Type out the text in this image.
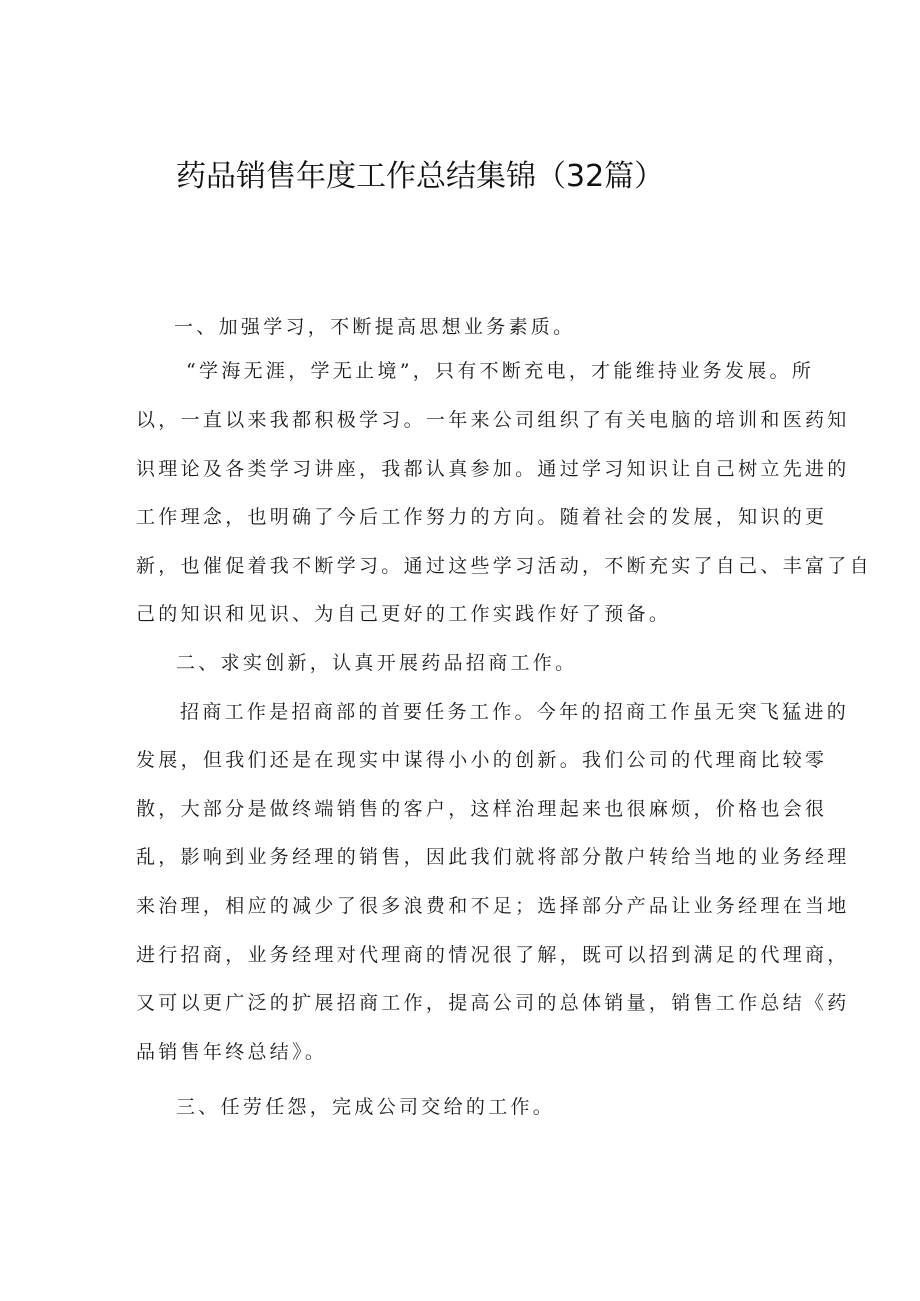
药品销售年度工作总结集锦（32篇）
一、加强学习，不断提高思想业务素质。
“学海无涯，学无止境”，只有不断充电，才能维持业务发展。所
以，一直以来我都积极学习。一年来公司组织了有关电脑的培训和医药知
识理论及各类学习讲座，我都认真参加。通过学习知识让自己树立先进的
工作理念，也明确了今后工作努力的方向。随着社会的发展，知识的更
新，也催促着我不断学习。通过这些学习活动，不断充实了自己、丰富了自
己的知识和见识、为自己更好的工作实践作好了预备。
二、求实创新，认真开展药品招商工作。
招商工作是招商部的首要任务工作。今年的招商工作虽无突飞猛进的
发展，但我们还是在现实中谋得小小的创新。我们公司的代理商比较零
散，大部分是做终端销售的客户，这样治理起来也很麻烦，价格也会很
乱，影响到业务经理的销售，因此我们就将部分散户转给当地的业务经理
来治理，相应的减少了很多浪费和不足；选择部分产品让业务经理在当地
进行招商，业务经理对代理商的情况很了解，既可以招到满足的代理商，
又可以更广泛的扩展招商工作，提高公司的总体销量，销售工作总结《药
品销售年终总结》。
三、任劳任怨，完成公司交给的工作。
